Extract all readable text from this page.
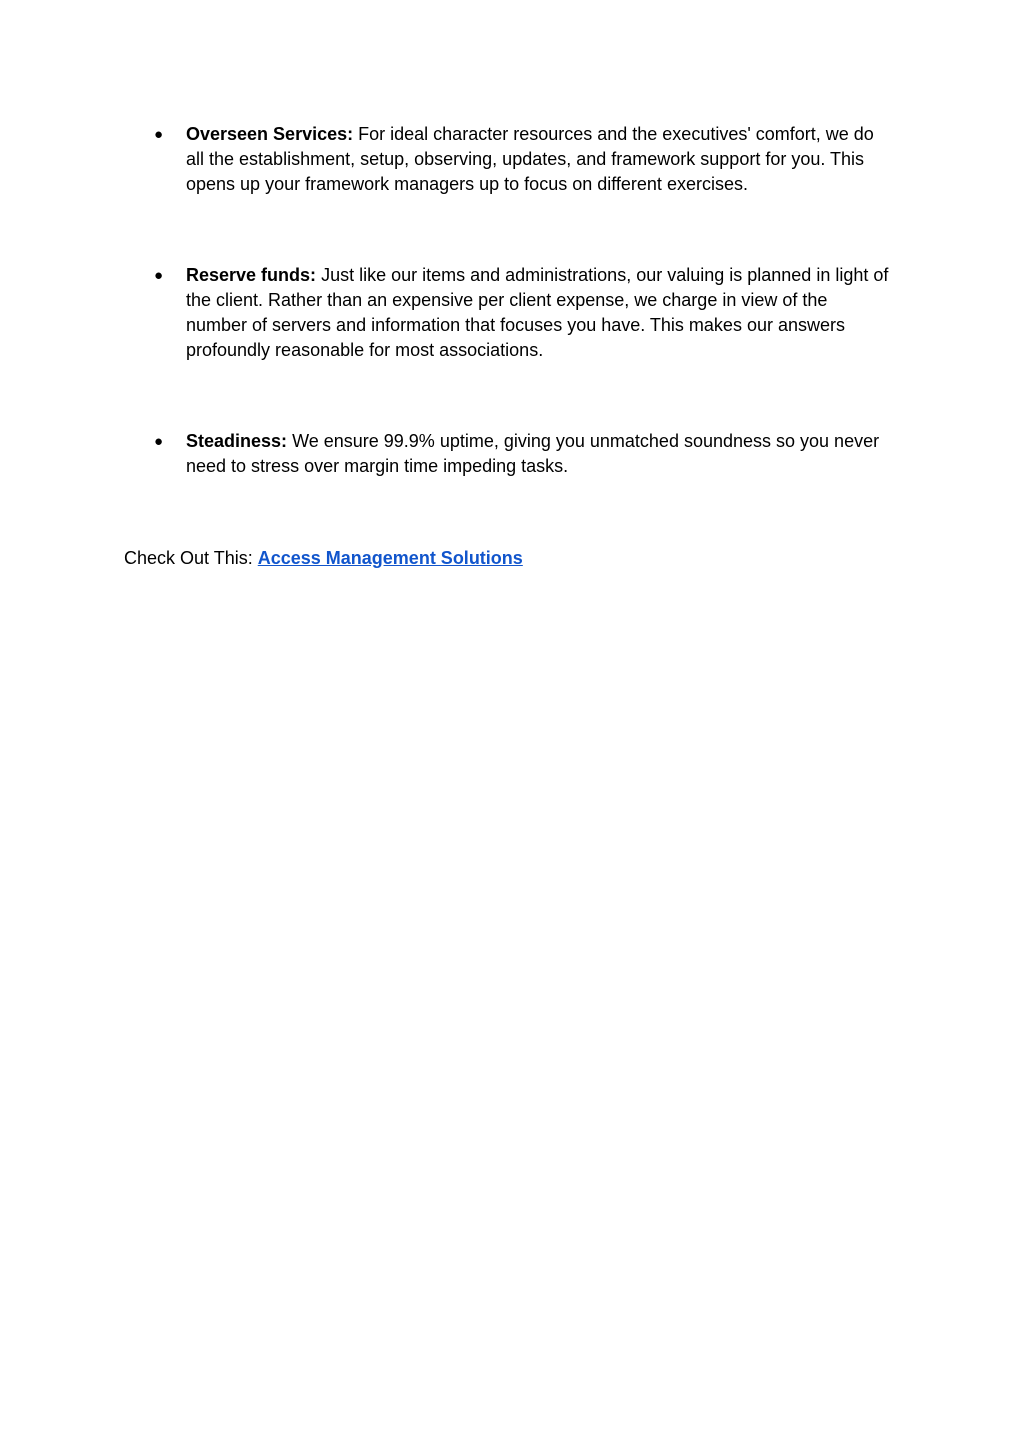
● Overseen Services: For ideal character resources and the executives' comfort, we do all the establishment, setup, observing, updates, and framework support for you. This opens up your framework managers up to focus on different exercises.
● Reserve funds: Just like our items and administrations, our valuing is planned in light of the client. Rather than an expensive per client expense, we charge in view of the number of servers and information that focuses you have. This makes our answers profoundly reasonable for most associations.
● Steadiness: We ensure 99.9% uptime, giving you unmatched soundness so you never need to stress over margin time impeding tasks.

Check Out This: Access Management Solutions
